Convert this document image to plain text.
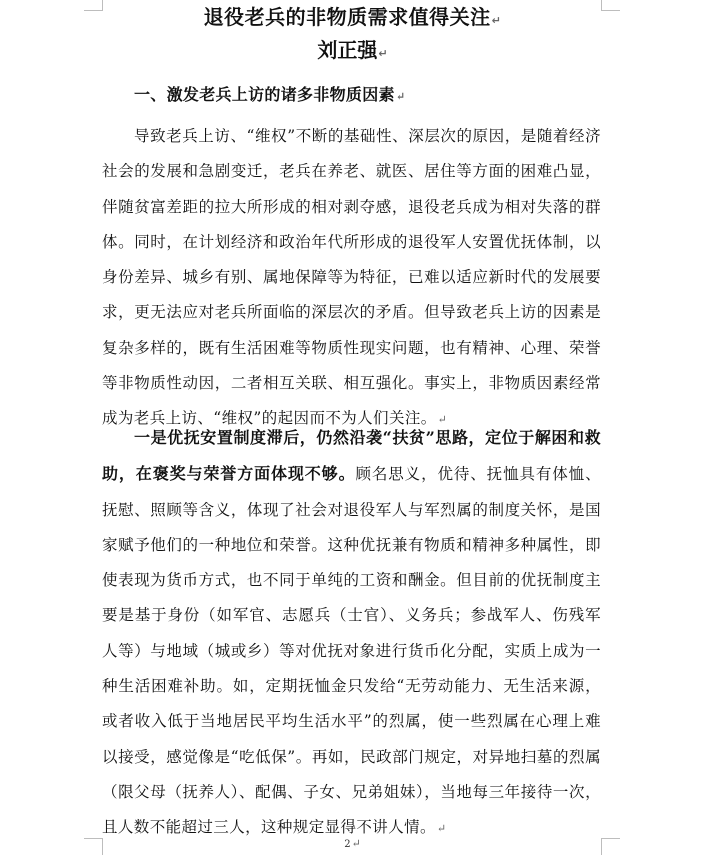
退役老兵的非物质需求值得关注↵
刘正强↵
一、激发老兵上访的诸多非物质因素↵
导致老兵上访、“维权”不断的基础性、深层次的原因，是随着经济社会的发展和急剧变迁，老兵在养老、就医、居住等方面的困难凸显，伴随贫富差距的拉大所形成的相对剥夺感，退役老兵成为相对失落的群体。同时，在计划经济和政治年代所形成的退役军人安置优抚体制，以身份差异、城乡有别、属地保障等为特征，已难以适应新时代的发展要求，更无法应对老兵所面临的深层次的矛盾。但导致老兵上访的因素是复杂多样的，既有生活困难等物质性现实问题，也有精神、心理、荣誉等非物质性动因，二者相互关联、相互强化。事实上，非物质因素经常成为老兵上访、“维权”的起因而不为人们关注。↵
一是优抚安置制度滞后，仍然沿袭“扶贫”思路，定位于解困和救助，在褒奖与荣誉方面体现不够。顾名思义，优待、抚恤具有体恤、抚慰、照顾等含义，体现了社会对退役军人与军烈属的制度关怀，是国家赋予他们的一种地位和荣誉。这种优抚兼有物质和精神多种属性，即使表现为货币方式，也不同于单纯的工资和酬金。但目前的优抚制度主要是基于身份（如军官、志愿兵（士官）、义务兵；参战军人、伤残军人等）与地域（城或乡）等对优抚对象进行货币化分配，实质上成为一种生活困难补助。如，定期抚恤金只发给“无劳动能力、无生活来源，或者收入低于当地居民平均生活水平”的烈属，使一些烈属在心理上难以接受，感觉像是“吃低保”。再如，民政部门规定，对异地扫墓的烈属（限父母（抚养人）、配偶、子女、兄弟姐妹），当地每三年接待一次，且人数不能超过三人，这种规定显得不讲人情。↵
2↵
